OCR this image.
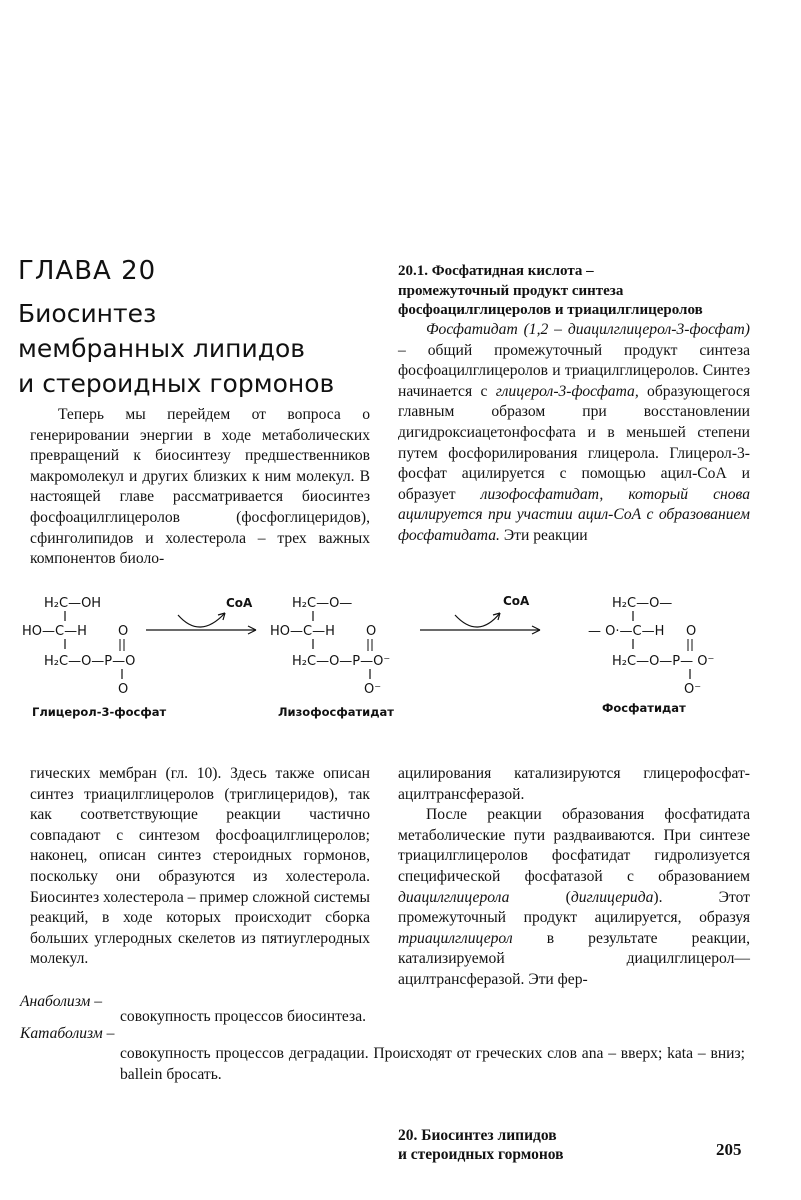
ГЛАВА 20
Биосинтез
мембранных липидов
и стероидных гормонов

Теперь мы перейдем от вопроса о генерировании энергии в ходе метаболических превращений к биосинтезу предшественников макромолекул и других близких к ним молекул. В настоящей главе рассматривается биосинтез фосфоацилглицеролов (фосфоглицеридов), сфинголипидов и холестерола – трех важных компонентов биоло-

20.1. Фосфатидная кислота –
промежуточный продукт синтеза
фосфоацилглицеролов и триацилглицеролов

Фосфатидат (1,2 – диацилглицерол-3-фосфат) – общий промежуточный продукт синтеза фосфоацилглицеролов и триацилглицеролов. Синтез начинается с глицерол-3-фосфата, образующегося главным образом при восстановлении дигидроксиацетонфосфата и в меньшей степени путем фосфорилирования глицерола. Глицерол-3-фосфат ацилируется с помощью ацил-СоА и образует лизофосфатидат, который снова ацилируется при участии ацил-СоА с образованием фосфатидата. Эти реакции

H₂C—OH
HO—C—H
H₂C—O—P—O
O
O
Глицерол-3-фосфат
CoA	H₂C—O—
HO—C—H
H₂C—O—P—O⁻
O
O⁻
Лизофосфатидат
CoA	H₂C—O—
— O·—C—H
H₂C—O—P— O⁻
O
O⁻
Фосфатидат

гических мембран (гл. 10). Здесь также описан синтез триацилглицеролов (триглицеридов), так как соответствующие реакции частично совпадают с синтезом фосфоацилглицеролов; наконец, описан синтез стероидных гормонов, поскольку они образуются из холестерола. Биосинтез холестерола – пример сложной системы реакций, в ходе которых происходит сборка больших углеродных скелетов из пятиуглеродных молекул.

ацилирования катализируются глицерофосфат-ацилтрансферазой.

После реакции образования фосфатидата метаболические пути раздваиваются. При синтезе триацилглицеролов фосфатидат гидролизуется специфической фосфатазой с образованием диацилглицерола (диглицерида). Этот промежуточный продукт ацилируется, образуя триацилглицерол в результате реакции, катализируемой диацилглицерол—ацилтрансферазой. Эти фер-

Анаболизм –
совокупность процессов биосинтеза.
Катаболизм –
совокупность процессов деградации. Происходят от греческих слов ana – вверх; kata – вниз; ballein бросать.
20. Биосинтез липидов
и стероидных гормонов	205
